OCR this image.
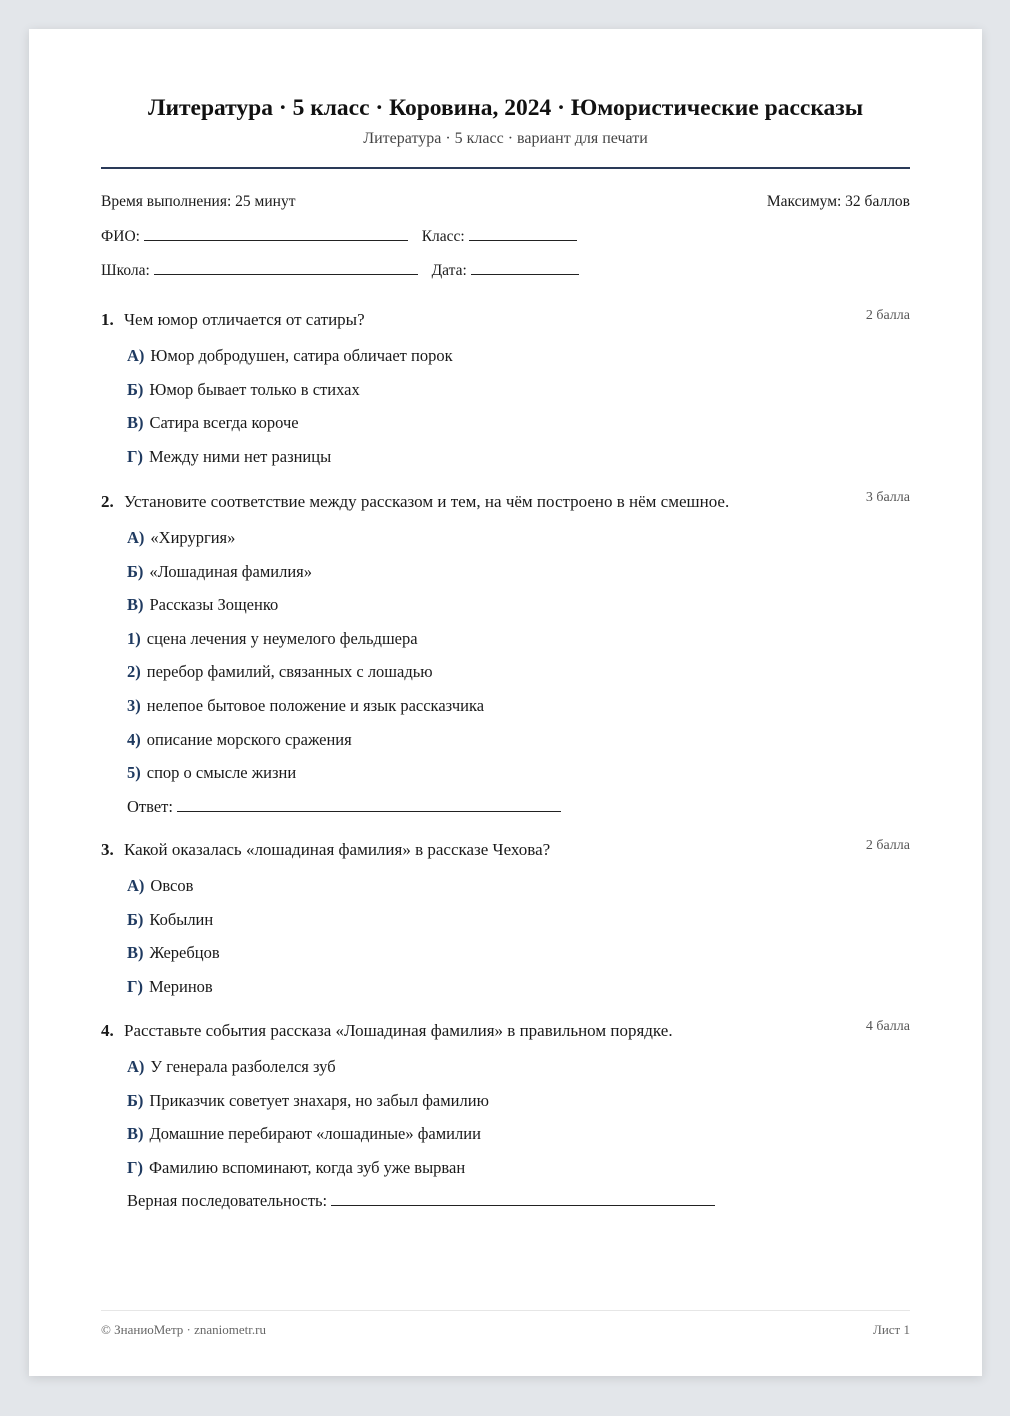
Литература · 5 класс · Коровина, 2024 · Юмористические рассказы
Литература · 5 класс · вариант для печати
Время выполнения: 25 минут	Максимум: 32 баллов
ФИО:	Класс:
Школа:	Дата:
1. Чем юмор отличается от сатиры?	2 балла
А) Юмор добродушен, сатира обличает порок
Б) Юмор бывает только в стихах
В) Сатира всегда короче
Г) Между ними нет разницы
2. Установите соответствие между рассказом и тем, на чём построено в нём смешное.	3 балла
А) «Хирургия»
Б) «Лошадиная фамилия»
В) Рассказы Зощенко
1) сцена лечения у неумелого фельдшера
2) перебор фамилий, связанных с лошадью
3) нелепое бытовое положение и язык рассказчика
4) описание морского сражения
5) спор о смысле жизни
Ответ:
3. Какой оказалась «лошадиная фамилия» в рассказе Чехова?	2 балла
А) Овсов
Б) Кобылин
В) Жеребцов
Г) Меринов
4. Расставьте события рассказа «Лошадиная фамилия» в правильном порядке.	4 балла
А) У генерала разболелся зуб
Б) Приказчик советует знахаря, но забыл фамилию
В) Домашние перебирают «лошадиные» фамилии
Г) Фамилию вспоминают, когда зуб уже вырван
Верная последовательность:
© ЗнаниоМетр · znaniometr.ru	Лист 1
